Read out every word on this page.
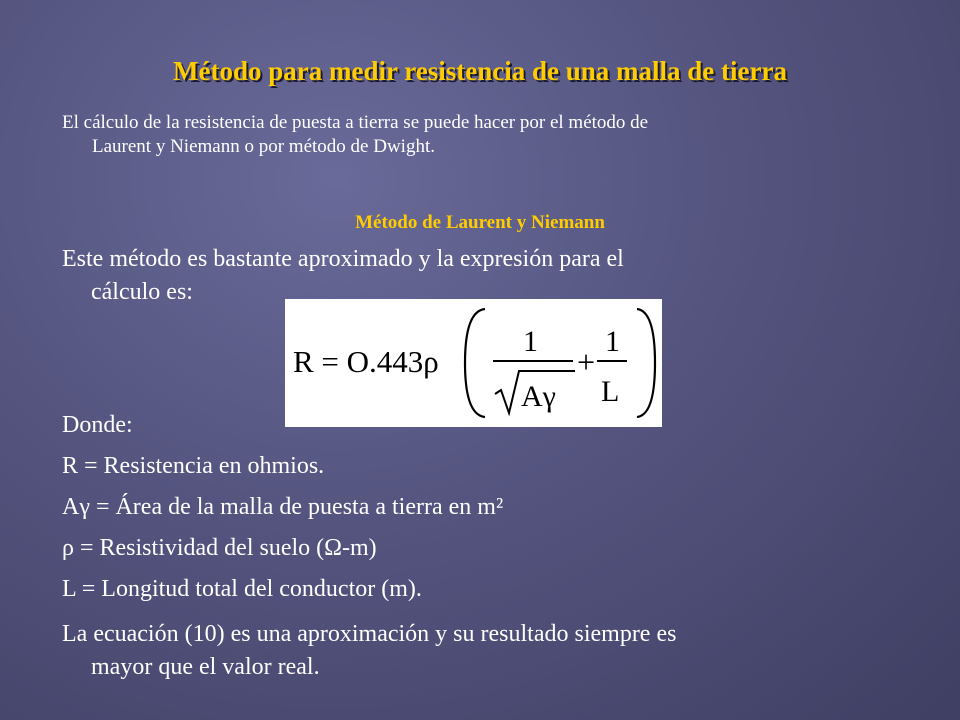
Método para medir resistencia de una malla de tierra
El cálculo de la resistencia de puesta a tierra se puede hacer por el método de
Laurent y Niemann o por método de Dwight.
Método de Laurent y Niemann
Este método es bastante aproximado y la expresión para el
cálculo es:
R = O.443ρ
1
Aγ
+
1
L
Donde:
R = Resistencia en ohmios.
Aγ = Área de la malla de puesta a tierra en m²
ρ = Resistividad del suelo (Ω-m)
L = Longitud total del conductor (m).
La ecuación (10) es una aproximación y su resultado siempre es
mayor que el valor real.
